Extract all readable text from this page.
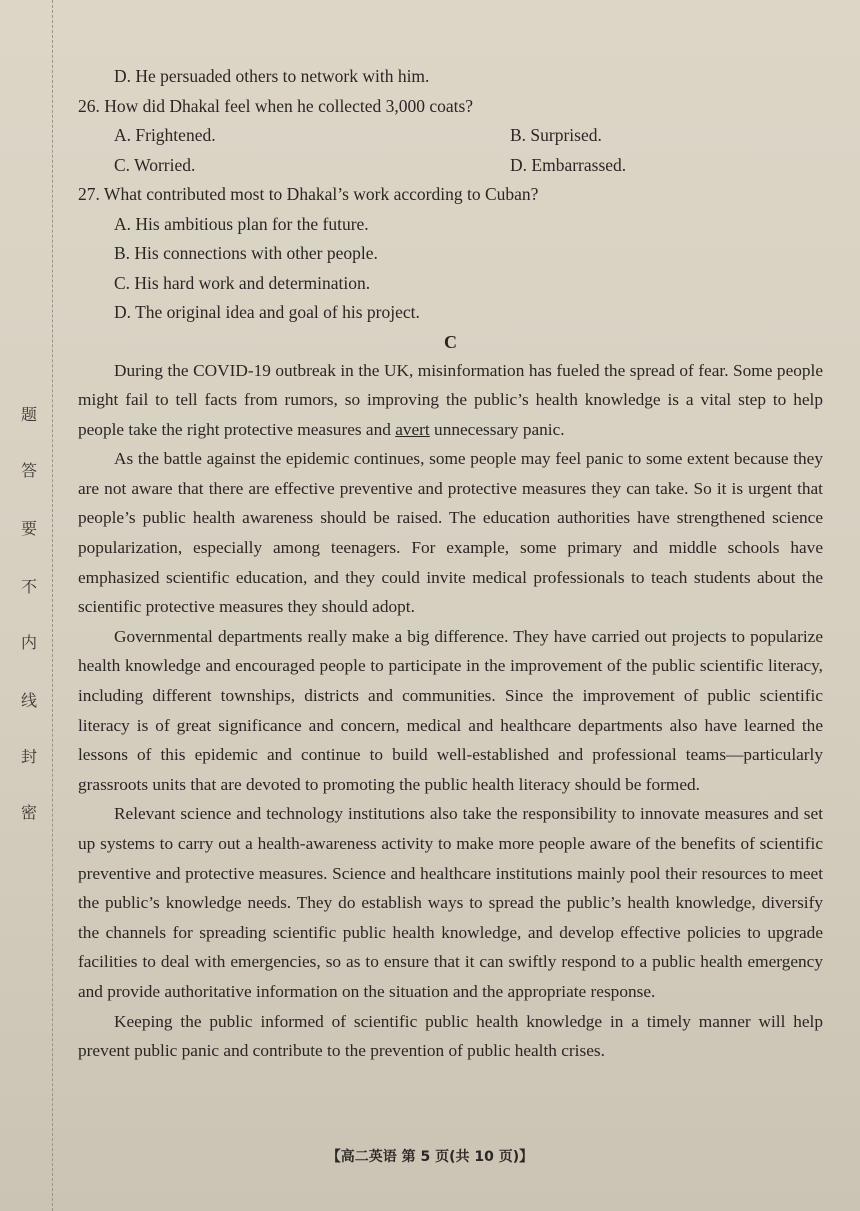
题
答
要
不
内
线
封
密
D. He persuaded others to network with him.
26. How did Dhakal feel when he collected 3,000 coats?
A. Frightened.	B. Surprised.
C. Worried.	D. Embarrassed.
27. What contributed most to Dhakal’s work according to Cuban?
A. His ambitious plan for the future.
B. His connections with other people.
C. His hard work and determination.
D. The original idea and goal of his project.
C

During the COVID-19 outbreak in the UK, misinformation has fueled the spread of fear. Some people might fail to tell facts from rumors, so improving the public’s health knowledge is a vital step to help people take the right protective measures and avert unnecessary panic.

As the battle against the epidemic continues, some people may feel panic to some extent because they are not aware that there are effective preventive and protective measures they can take. So it is urgent that people’s public health awareness should be raised. The education authorities have strengthened science popularization, especially among teenagers. For example, some primary and middle schools have emphasized scientific education, and they could invite medical professionals to teach students about the scientific protective measures they should adopt.

Governmental departments really make a big difference. They have carried out projects to popularize health knowledge and encouraged people to participate in the improvement of the public scientific literacy, including different townships, districts and communities. Since the improvement of public scientific literacy is of great significance and concern, medical and healthcare departments also have learned the lessons of this epidemic and continue to build well-established and professional teams—particularly grassroots units that are devoted to promoting the public health literacy should be formed.

Relevant science and technology institutions also take the responsibility to innovate measures and set up systems to carry out a health-awareness activity to make more people aware of the benefits of scientific preventive and protective measures. Science and healthcare institutions mainly pool their resources to meet the public’s knowledge needs. They do establish ways to spread the public’s health knowledge, diversify the channels for spreading scientific public health knowledge, and develop effective policies to upgrade facilities to deal with emergencies, so as to ensure that it can swiftly respond to a public health emergency and provide authoritative information on the situation and the appropriate response.

Keeping the public informed of scientific public health knowledge in a timely manner will help prevent public panic and contribute to the prevention of public health crises.

【高二英语 第 5 页(共 10 页)】
